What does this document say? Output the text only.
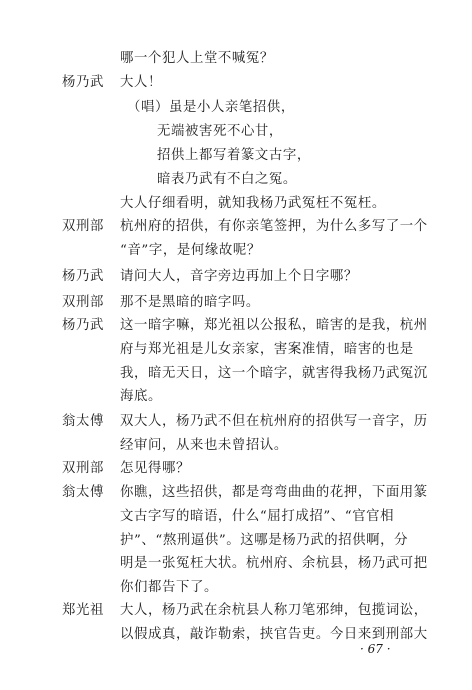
杨乃武
双刑部
杨乃武
双刑部
杨乃武
翁太傅
双刑部
翁太傅
郑光祖
哪一个犯人上堂不喊冤？
大人！
（唱）虽是小人亲笔招供，
无端被害死不心甘，
招供上都写着篆文古字，
暗表乃武有不白之冤。
大人仔细看明，就知我杨乃武冤枉不冤枉。
杭州府的招供，有你亲笔签押，为什么多写了一个
“音”字，是何缘故呢？
请问大人，音字旁边再加上个日字哪？
那不是黑暗的暗字吗。
这一暗字嘛，郑光祖以公报私，暗害的是我，杭州
府与郑光祖是儿女亲家，害案准情，暗害的也是
我，暗无天日，这一个暗字，就害得我杨乃武冤沉
海底。
双大人，杨乃武不但在杭州府的招供写一音字，历
经审问，从来也未曾招认。
怎见得哪？
你瞧，这些招供，都是弯弯曲曲的花押，下面用篆
文古字写的暗语，什么“屈打成招”、“官官相
护”、“熬刑逼供”。这哪是杨乃武的招供啊，分
明是一张冤枉大状。杭州府、余杭县，杨乃武可把
你们都告下了。
大人，杨乃武在余杭县人称刀笔邪绅，包揽词讼，
以假成真，敲诈勒索，挟官告吏。今日来到刑部大
· 67 ·
